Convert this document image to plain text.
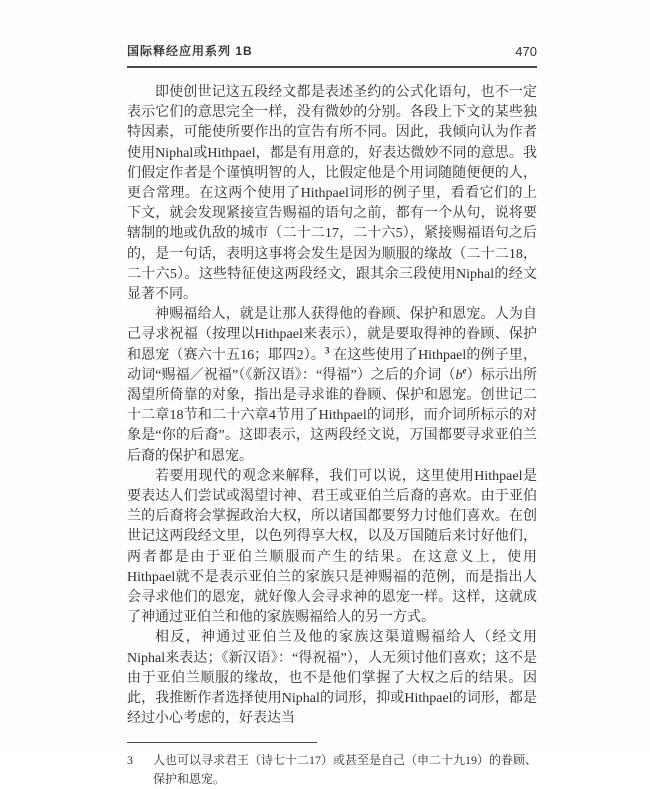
国际释经应用系列 1B	470

即使创世记这五段经文都是表述圣约的公式化语句，也不一定表示它们的意思完全一样，没有微妙的分别。各段上下文的某些独特因素，可能使所要作出的宣告有所不同。因此，我倾向认为作者使用Niphal或Hithpael，都是有用意的，好表达微妙不同的意思。我们假定作者是个谨慎明智的人，比假定他是个用词随随便便的人，更合常理。在这两个使用了Hithpael词形的例子里，看看它们的上下文，就会发现紧接宣告赐福的语句之前，都有一个从句，说将要辖制的地或仇敌的城市（二十二17，二十六5），紧接赐福语句之后的，是一句话，表明这事将会发生是因为顺服的缘故（二十二18，二十六5）。这些特征使这两段经文，跟其余三段使用Niphal的经文显著不同。

神赐福给人，就是让那人获得他的眷顾、保护和恩宠。人为自己寻求祝福（按理以Hithpael来表示），就是要取得神的眷顾、保护和恩宠（赛六十五16；耶四2）。$^3$ 在这些使用了Hithpael的例子里，动词“赐福／祝福”（《新汉语》：“得福”）之后的介词$(b^e)$标示出所渴望所倚靠的对象，指出是寻求谁的眷顾、保护和恩宠。创世记二十二章18节和二十六章4节用了Hithpael的词形，而介词所标示的对象是“你的后裔”。这即表示，这两段经文说，万国都要寻求亚伯兰后裔的保护和恩宠。

若要用现代的观念来解释，我们可以说，这里使用Hithpael是要表达人们尝试或渴望讨神、君王或亚伯兰后裔的喜欢。由于亚伯兰的后裔将会掌握政治大权，所以诸国都要努力讨他们喜欢。在创世记这两段经文里，以色列得享大权，以及万国随后来讨好他们，两者都是由于亚伯兰顺服而产生的结果。在这意义上，使用Hithpael就不是表示亚伯兰的家族只是神赐福的范例，而是指出人会寻求他们的恩宠，就好像人会寻求神的恩宠一样。这样，这就成了神通过亚伯兰和他的家族赐福给人的另一方式。

相反，神通过亚伯兰及他的家族这渠道赐福给人（经文用Niphal来表达；《新汉语》：“得祝福”），人无须讨他们喜欢；这不是由于亚伯兰顺服的缘故，也不是他们掌握了大权之后的结果。因此，我推断作者选择使用Niphal的词形，抑或Hithpael的词形，都是经过小心考虑的，好表达当

3	人也可以寻求君王（诗七十二17）或甚至是自己（申二十九19）的眷顾、保护和恩宠。
